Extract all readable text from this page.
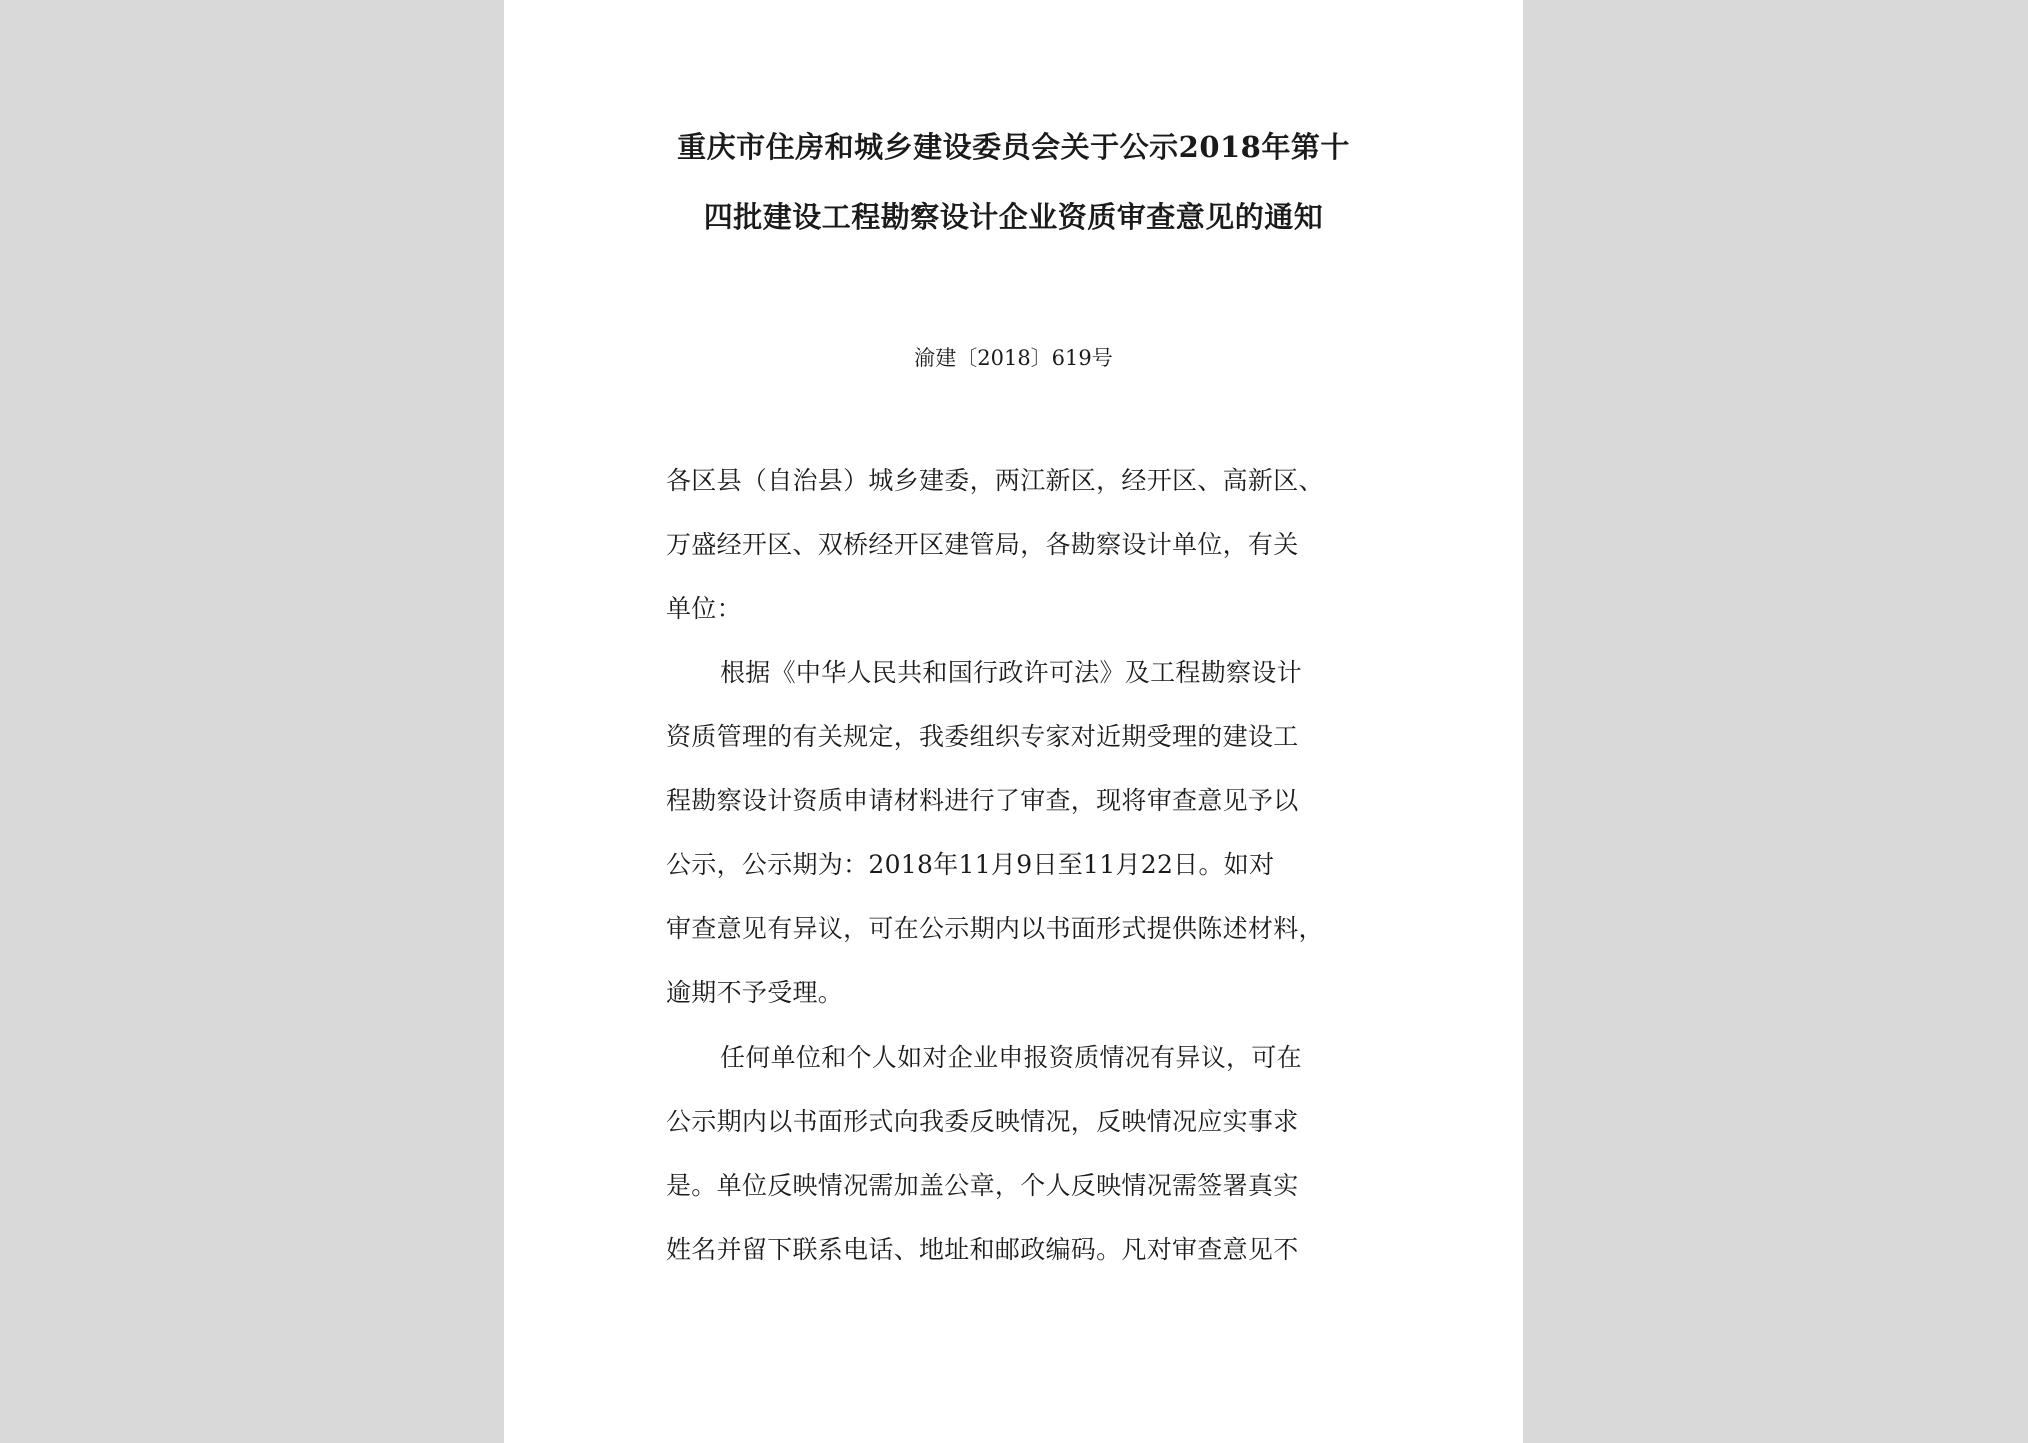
重庆市住房和城乡建设委员会关于公示2018年第十
四批建设工程勘察设计企业资质审查意见的通知
渝建〔2018〕619号
各区县（自治县）城乡建委，两江新区，经开区、高新区、
万盛经开区、双桥经开区建管局，各勘察设计单位，有关
单位：
根据《中华人民共和国行政许可法》及工程勘察设计
资质管理的有关规定，我委组织专家对近期受理的建设工
程勘察设计资质申请材料进行了审查，现将审查意见予以
公示，公示期为：2018年11月9日至11月22日。如对
审查意见有异议，可在公示期内以书面形式提供陈述材料，
逾期不予受理。
任何单位和个人如对企业申报资质情况有异议，可在
公示期内以书面形式向我委反映情况，反映情况应实事求
是。单位反映情况需加盖公章，个人反映情况需签署真实
姓名并留下联系电话、地址和邮政编码。凡对审查意见不
